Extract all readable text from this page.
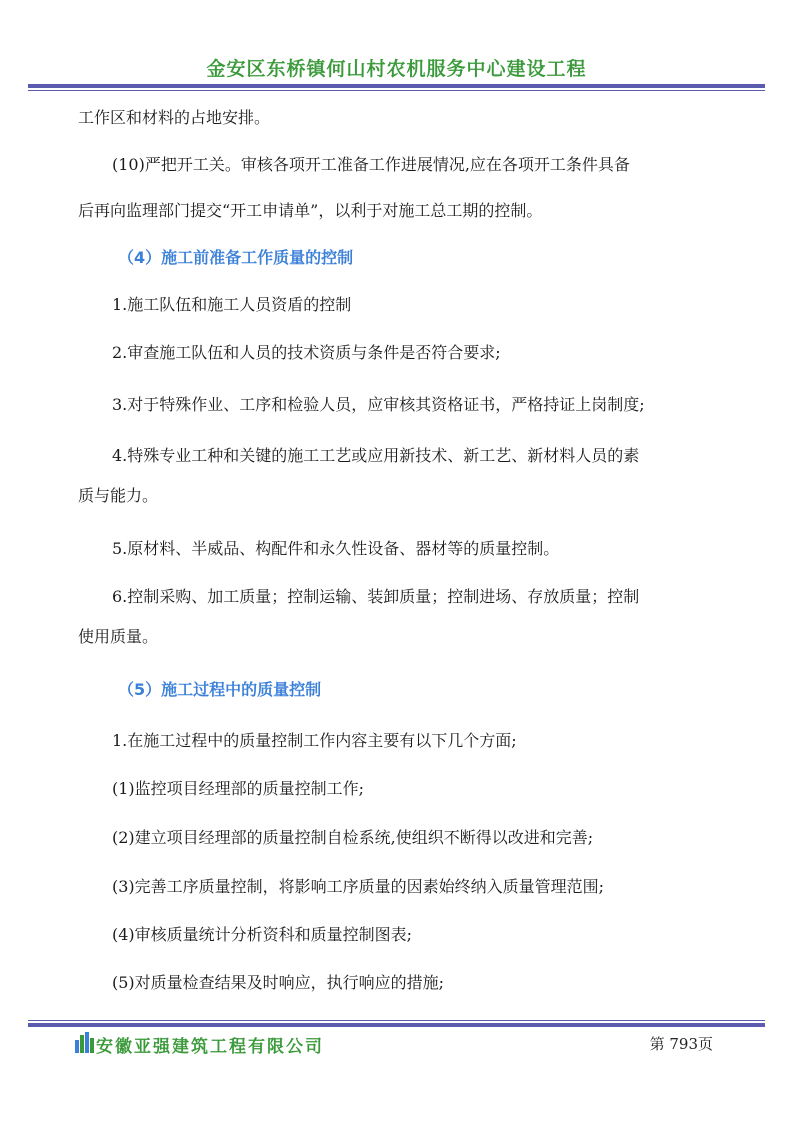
金安区东桥镇何山村农机服务中心建设工程
工作区和材料的占地安排。
(10)严把开工关。审核各项开工准备工作进展情况,应在各项开工条件具备
后再向监理部门提交“开工申请单”，以利于对施工总工期的控制。
（4）施工前准备工作质量的控制
1.施工队伍和施工人员资盾的控制
2.审查施工队伍和人员的技术资质与条件是否符合要求;
3.对于特殊作业、工序和检验人员，应审核其资格证书，严格持证上岗制度;
4.特殊专业工种和关键的施工工艺或应用新技术、新工艺、新材料人员的素
质与能力。
5.原材料、半威品、构配件和永久性设备、器材等的质量控制。
6.控制采购、加工质量；控制运输、装卸质量；控制进场、存放质量；控制
使用质量。
（5）施工过程中的质量控制
1.在施工过程中的质量控制工作内容主要有以下几个方面;
(1)监控项目经理部的质量控制工作;
(2)建立项目经理部的质量控制自检系统,使组织不断得以改进和完善;
(3)完善工序质量控制，将影响工序质量的因素始终纳入质量管理范围;
(4)审核质量统计分析资科和质量控制图表;
(5)对质量检查结果及时响应，执行响应的措施;
安徽亚强建筑工程有限公司	第 793页
